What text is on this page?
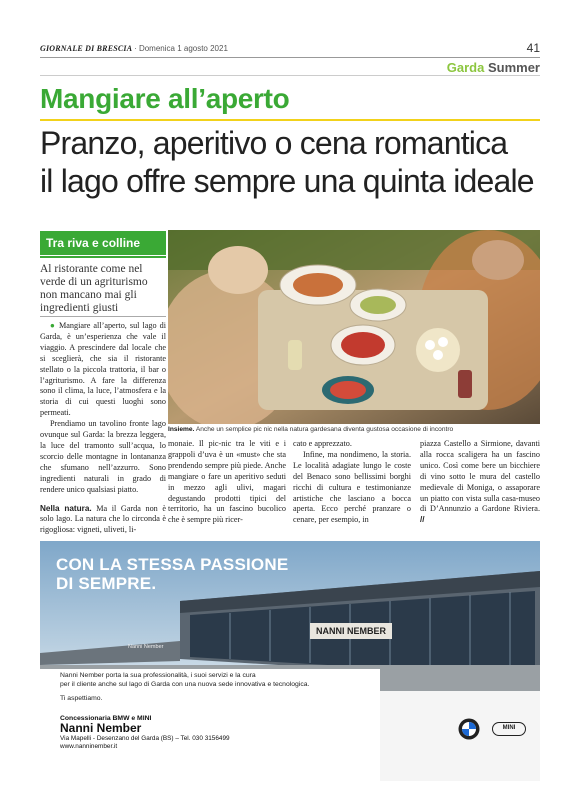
GIORNALE DI BRESCIA · Domenica 1 agosto 2021	41
Garda Summer
Mangiare all’aperto
Pranzo, aperitivo o cena romantica
il lago offre sempre una quinta ideale
Tra riva e colline
Al ristorante come nel verde di un agriturismo non mancano mai gli ingredienti giusti

● Mangiare all’aperto, sul lago di Garda, è un’esperienza che vale il viaggio. A prescindere dal locale che si sceglierà, che sia il ristorante stellato o la piccola trattoria, il bar o l’agriturismo. A fare la differenza sono il clima, la luce, l’atmosfera e la storia di cui questi luoghi sono permeati.

Prendiamo un tavolino fronte lago ovunque sul Garda: la brezza leggera, la luce del tramonto sull’acqua, lo scorcio delle montagne in lontananza che sfumano nell’azzurro. Sono ingredienti naturali in grado di rendere unico qualsiasi piatto.

Nella natura. Ma il Garda non è solo lago. La natura che lo circonda è rigogliosa: vigneti, uliveti, li-

Insieme. Anche un semplice pic nic nella natura gardesana diventa gustosa occasione di incontro
monaie. Il pic-nic tra le viti e i grappoli d’uva è un «must» che sta prendendo sempre più piede. Anche mangiare o fare un aperitivo seduti in mezzo agli ulivi, magari degustando prodotti tipici del territorio, ha un fascino bucolico che è sempre più ricer-

cato e apprezzato.

Infine, ma nondimeno, la storia. Le località adagiate lungo le coste del Benaco sono bellissimi borghi ricchi di cultura e testimonianze artistiche che lasciano a bocca aperta. Ecco perché pranzare o cenare, per esempio, in

piazza Castello a Sirmione, davanti alla rocca scaligera ha un fascino unico. Così come bere un bicchiere di vino sotto le mura del castello medievale di Moniga, o assaporare un piatto con vista sulla casa-museo di D’Annunzio a Gardone Riviera. //
CON LA STESSA PASSIONE
DI SEMPRE.
NANNI NEMBER
Nanni Nember
Nanni Nember porta la sua professionalità, i suoi servizi e la cura
per il cliente anche sul lago di Garda con una nuova sede innovativa e tecnologica.
Ti aspettiamo.
Concessionaria BMW e MINI
Nanni Nember
Via Mapelli - Desenzano del Garda (BS) – Tel. 030 3156499
www.nanninember.it
MINI
